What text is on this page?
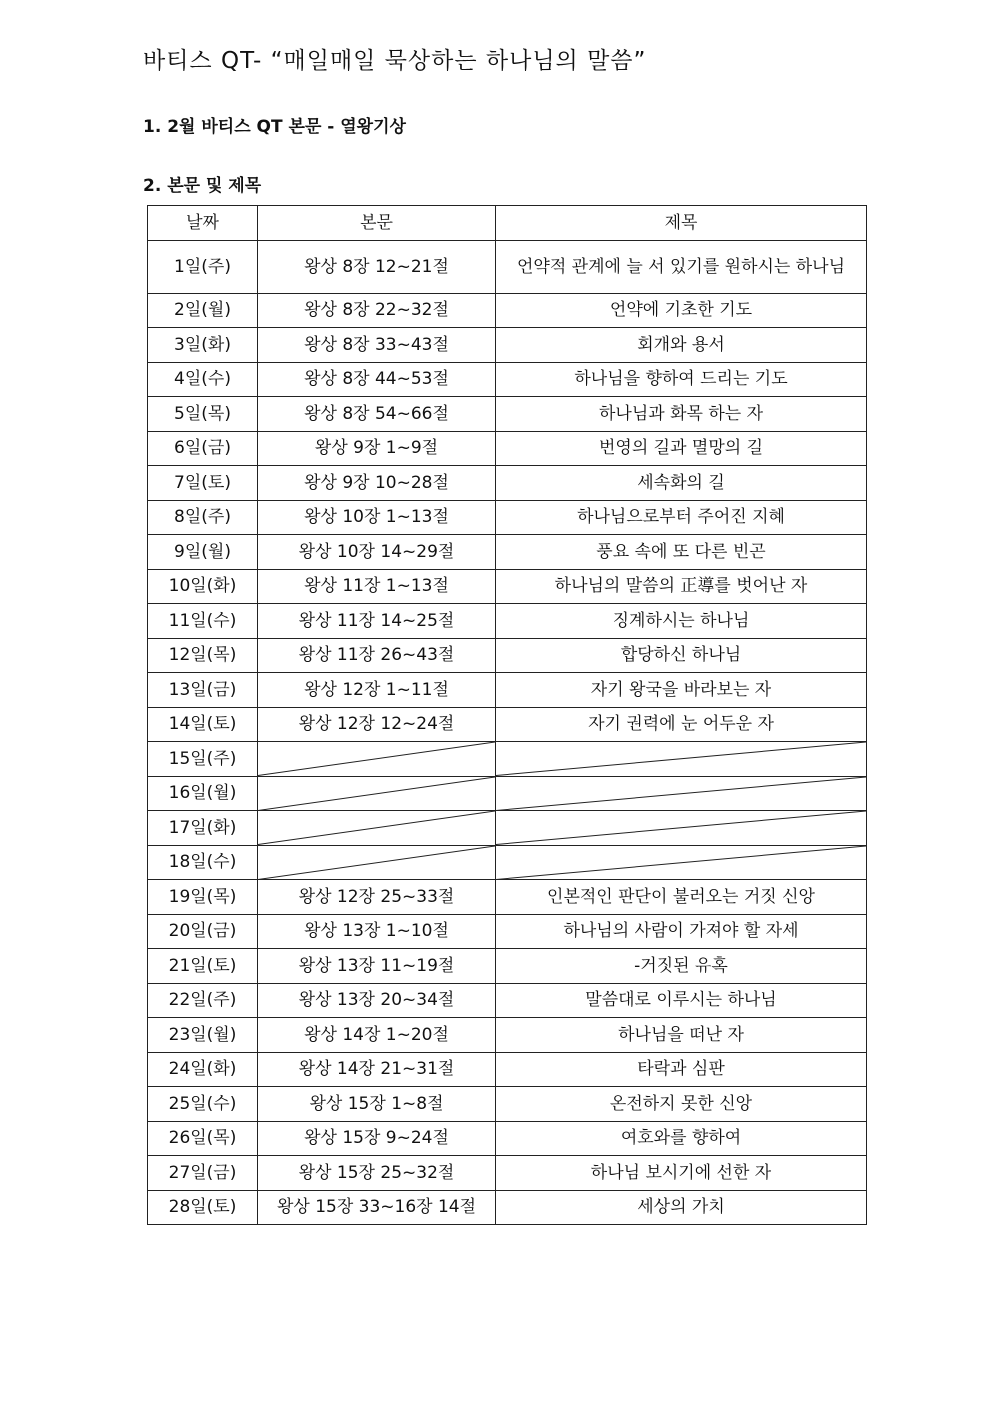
바티스 QT- “매일매일 묵상하는 하나님의 말씀”
1. 2월 바티스 QT 본문 - 열왕기상
2. 본문 및 제목
날짜	본문	제목
1일(주)	왕상 8장 12~21절	언약적 관계에 늘 서 있기를 원하시는 하나님
2일(월)	왕상 8장 22~32절	언약에 기초한 기도
3일(화)	왕상 8장 33~43절	회개와 용서
4일(수)	왕상 8장 44~53절	하나님을 향하여 드리는 기도
5일(목)	왕상 8장 54~66절	하나님과 화목 하는 자
6일(금)	왕상 9장 1~9절	번영의 길과 멸망의 길
7일(토)	왕상 9장 10~28절	세속화의 길
8일(주)	왕상 10장 1~13절	하나님으로부터 주어진 지혜
9일(월)	왕상 10장 14~29절	풍요 속에 또 다른 빈곤
10일(화)	왕상 11장 1~13절	하나님의 말씀의 正導를 벗어난 자
11일(수)	왕상 11장 14~25절	징계하시는 하나님
12일(목)	왕상 11장 26~43절	합당하신 하나님
13일(금)	왕상 12장 1~11절	자기 왕국을 바라보는 자
14일(토)	왕상 12장 12~24절	자기 권력에 눈 어두운 자
15일(주)	

16일(월)	

17일(화)	

18일(수)	

19일(목)	왕상 12장 25~33절	인본적인 판단이 불러오는 거짓 신앙
20일(금)	왕상 13장 1~10절	하나님의 사람이 가져야 할 자세
21일(토)	왕상 13장 11~19절	-거짓된 유혹
22일(주)	왕상 13장 20~34절	말씀대로 이루시는 하나님
23일(월)	왕상 14장 1~20절	하나님을 떠난 자
24일(화)	왕상 14장 21~31절	타락과 심판
25일(수)	왕상 15장 1~8절	온전하지 못한 신앙
26일(목)	왕상 15장 9~24절	여호와를 향하여
27일(금)	왕상 15장 25~32절	하나님 보시기에 선한 자
28일(토)	왕상 15장 33~16장 14절	세상의 가치
